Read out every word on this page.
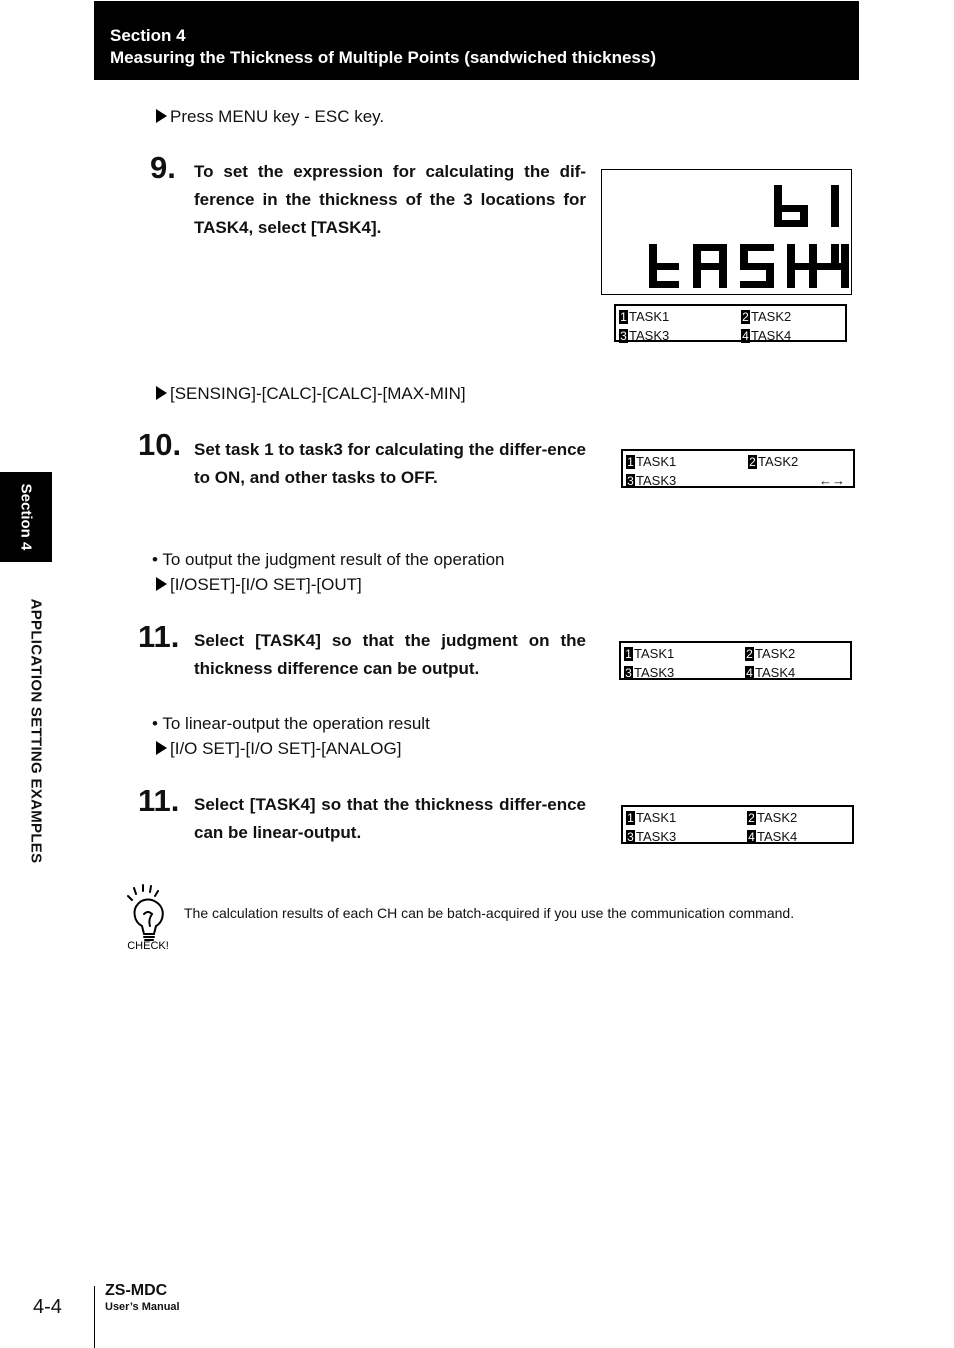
Section 4
Measuring the Thickness of Multiple Points (sandwiched thickness)
Press MENU key - ESC key.
9. To set the expression for calculating the dif-ference in the thickness of the 3 locations for TASK4, select [TASK4].
1 TASK1	2 TASK2
3 TASK3	4 TASK4
[SENSING]-[CALC]-[CALC]-[MAX-MIN]
10. Set task 1 to task3 for calculating the differ-ence to ON, and other tasks to OFF.
1 TASK1	2 TASK2
3 TASK3	←→
• To output the judgment result of the operation
[I/OSET]-[I/O SET]-[OUT]
11. Select [TASK4] so that the judgment on the thickness difference can be output.
1 TASK1	2 TASK2
3 TASK3	4 TASK4
• To linear-output the operation result
[I/O SET]-[I/O SET]-[ANALOG]
11. Select [TASK4] so that the thickness differ-ence can be linear-output.
1 TASK1	2 TASK2
3 TASK3	4 TASK4
CHECK!
The calculation results of each CH can be batch-acquired if you use the communication command.
Section 4
APPLICATION SETTING EXAMPLES
4-4
ZS-MDC
User’s Manual
